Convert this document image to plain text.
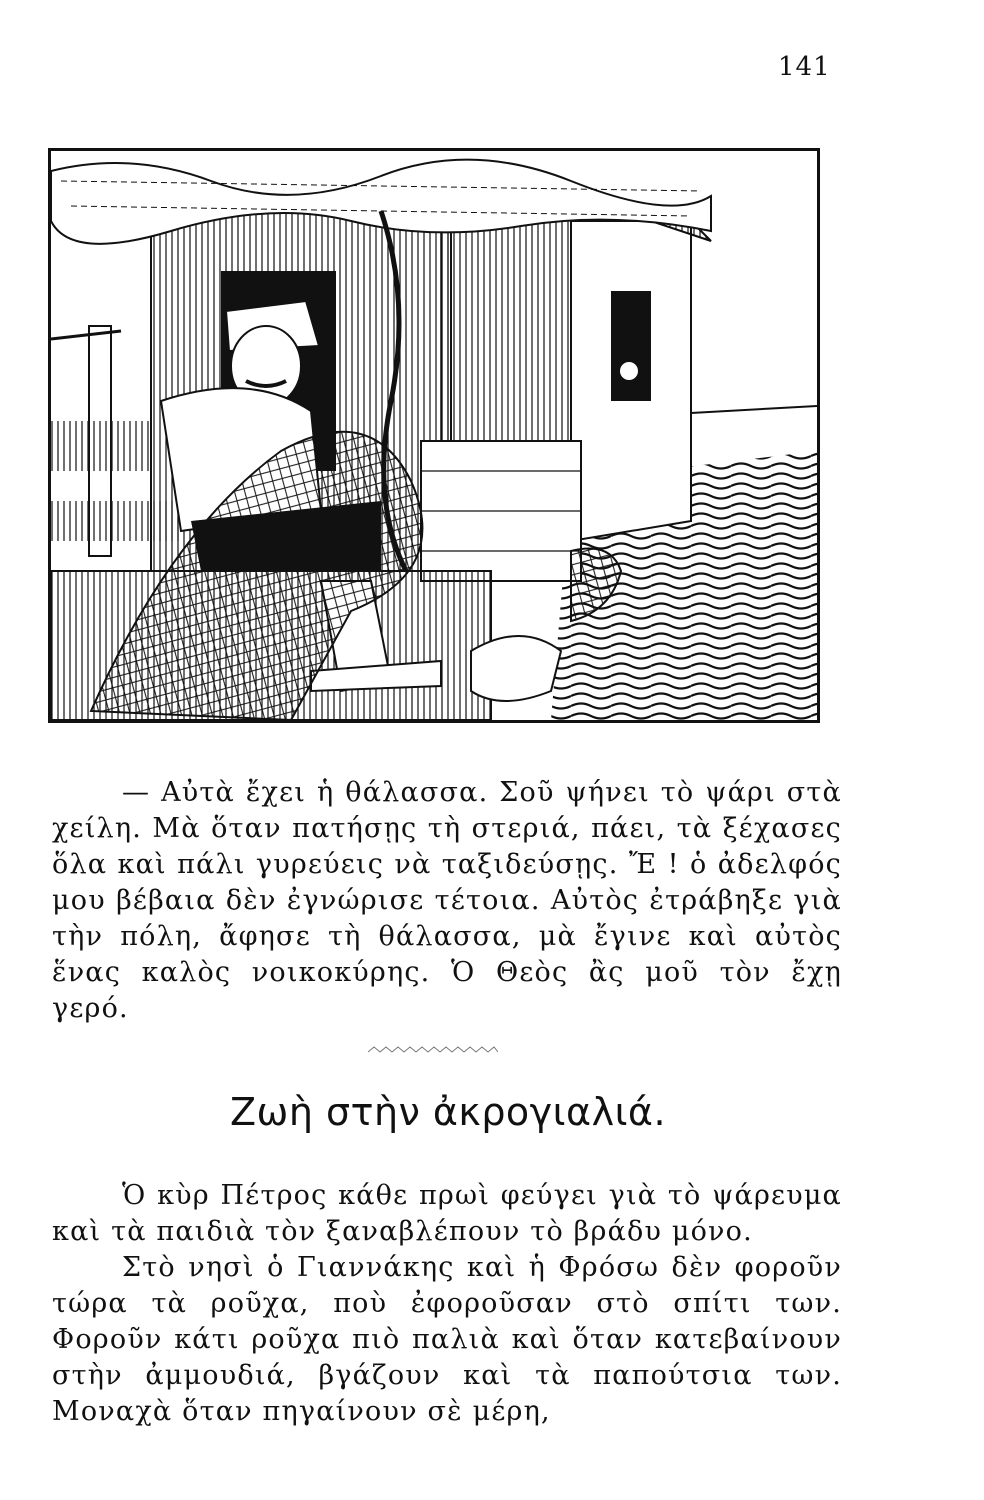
141

— Αὐτὰ ἔχει ἡ θάλασσα. Σοῦ ψήνει τὸ ψάρι στὰ χείλη. Μὰ ὅταν πατήσῃς τὴ στεριά, πάει, τὰ ξέχασες ὅλα καὶ πάλι γυρεύεις νὰ ταξιδεύσῃς. Ἔ ! ὁ ἀδελφός μου βέβαια δὲν ἐγνώρισε τέτοια. Αὐτὸς ἐτράβηξε γιὰ τὴν πόλη, ἄφησε τὴ θάλασσα, μὰ ἔγινε καὶ αὐτὸς ἕνας καλὸς νοικοκύρης. Ὁ Θεὸς ἂς μοῦ τὸν ἔχῃ γερό.

Ζωὴ στὴν ἀκρογιαλιά.

Ὁ κὺρ Πέτρος κάθε πρωὶ φεύγει γιὰ τὸ ψάρευμα καὶ τὰ παιδιὰ τὸν ξαναβλέπουν τὸ βράδυ μόνο.

Στὸ νησὶ ὁ Γιαννάκης καὶ ἡ Φρόσω δὲν φοροῦν τώρα τὰ ροῦχα, ποὺ ἐφοροῦσαν στὸ σπίτι των. Φοροῦν κάτι ροῦχα πιὸ παλιὰ καὶ ὅταν κατεβαίνουν στὴν ἀμμουδιά, βγάζουν καὶ τὰ παπούτσια των. Μοναχὰ ὅταν πηγαίνουν σὲ μέρη,
